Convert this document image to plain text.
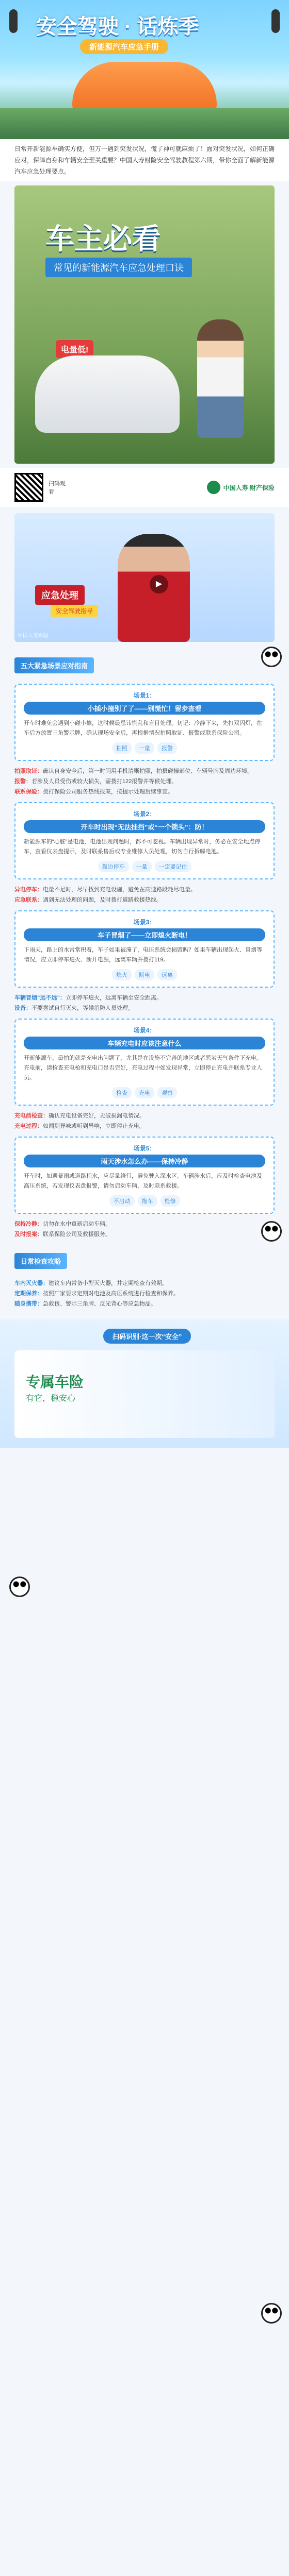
安全驾驶 · 话炼季
新能源汽车应急手册
日常开新能源车确实方便，但万一遇到突发状况，慌了神可就麻烦了！面对突发状况，如何正确应对，保障自身和车辆安全至关重要？中国人寿财险安全驾驶教程第六期，带你全面了解新能源汽车应急处理要点。
车主必看
常见的新能源汽车应急处理口诀
电量低!
扫码观看
中国人寿 财产保险
▶
应急处理
安全驾驶指导
中国人寿财险
五大紧急场景应对指南
场景1：
小插小撞别了了——别慌忙！留步查看

开车时难免会遇到小碰小擦，这时候最忌讳慌乱和盲目处理。切记：冷静下来，先打双闪灯，在车后方放置三角警示牌，确认现场安全后，再根据情况拍照取证、报警或联系保险公司。

拍照	一量	报警
拍照取证：确认自身安全后，第一时间用手机清晰拍照，拍摄碰撞部位、车辆号牌及周边环境。
报警：若涉及人员受伤或较大损失，需拨打122报警并等候处理。
联系保险：拨打保险公司服务热线报案，按提示处理后续事宜。
场景2：
开车时出现“无法挂挡”或“一个锁头”：防！

新能源车的“心脏”是电池，电池出现问题时，都不可忽视。车辆出现异常时，务必在安全地点停车，查看仪表盘提示，及时联系售后或专业维修人员处理，切勿自行拆解电池。

靠边停车	一量	一定要记住
异电停车：电量不足时，尽早找到充电设施，避免在高速路段耗尽电量。
应急联系：遇到无法处理的问题，及时拨打道路救援热线。
场景3：
车子冒烟了——立即熄火断电！

下雨天，路上的水常常积着，车子如果被淹了，电压系统会损毁吗？如果车辆出现起火、冒烟等情况，应立即停车熄火、断开电源，远离车辆并拨打119。

熄火	断电	远离
车辆冒烟“远不远”：立即停车熄火，远离车辆至安全距离。
设备：不要尝试自行灭火，等候消防人员处理。
场景4：
车辆充电时应该注意什么

开新能源车，最怕的就是充电出问题了，尤其是在设施不完善的地区或者恶劣天气条件下充电。充电前，请检查充电枪和充电口是否完好，充电过程中如发现异常，立即停止充电并联系专业人员。

检查	充电	观察
充电前检查：确认充电设备完好，无破损漏电情况。
充电过程：如闻到异味或听到异响，立即停止充电。
场景5：
雨天涉水怎么办——保持冷静

开车时，如遇暴雨或道路积水，应尽量绕行，避免驶入深水区。车辆涉水后，应及时检查电池及高压系统，若发现仪表盘报警，请勿启动车辆，及时联系救援。

不启动	拖车	检修
保持冷静：切勿在水中重新启动车辆。
及时报案：联系保险公司及救援服务。
日常检查攻略
车内灭火器：建议车内常备小型灭火器，并定期检查有效期。
定期保养：按照厂家要求定期对电池及高压系统进行检查和保养。
随身携带：急救包、警示三角牌、反光背心等应急物品。
扫码识别·这一次“安全”
专属车险
有它，稳安心
